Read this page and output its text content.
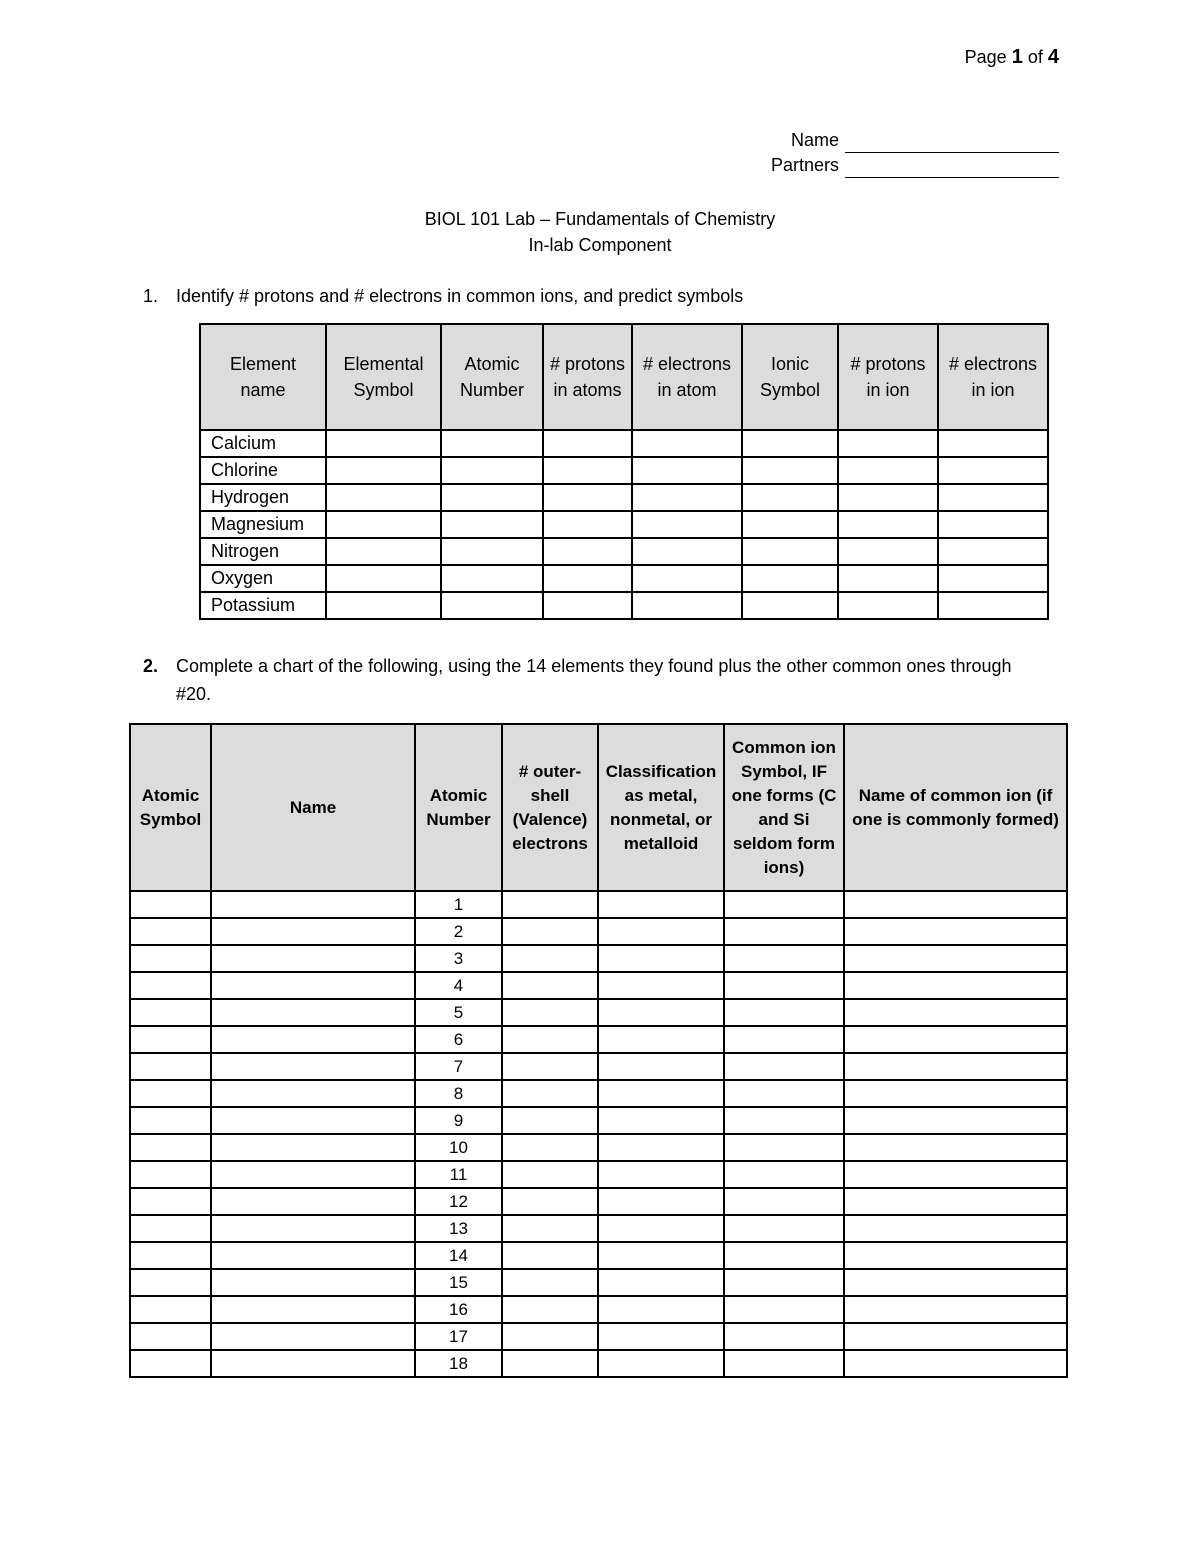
Page 1 of 4
Name
Partners
BIOL 101 Lab – Fundamentals of Chemistry
In-lab Component
1. Identify # protons and # electrons in common ions, and predict symbols
Element name	Elemental Symbol	Atomic Number	# protons in atoms	# electrons in atom	Ionic Symbol	# protons in ion	# electrons in ion
Calcium							
Chlorine							
Hydrogen							
Magnesium							
Nitrogen							
Oxygen							
Potassium							
2. Complete a chart of the following, using the 14 elements they found plus the other common ones through #20.
Atomic Symbol	Name	Atomic Number	# outer-shell (Valence) electrons	Classification as metal, nonmetal, or metalloid	Common ion Symbol, IF one forms (C and Si seldom form ions)	Name of common ion (if one is commonly formed)
		1				
		2				
		3				
		4				
		5				
		6				
		7				
		8				
		9				
		10				
		11				
		12				
		13				
		14				
		15				
		16				
		17				
		18				
